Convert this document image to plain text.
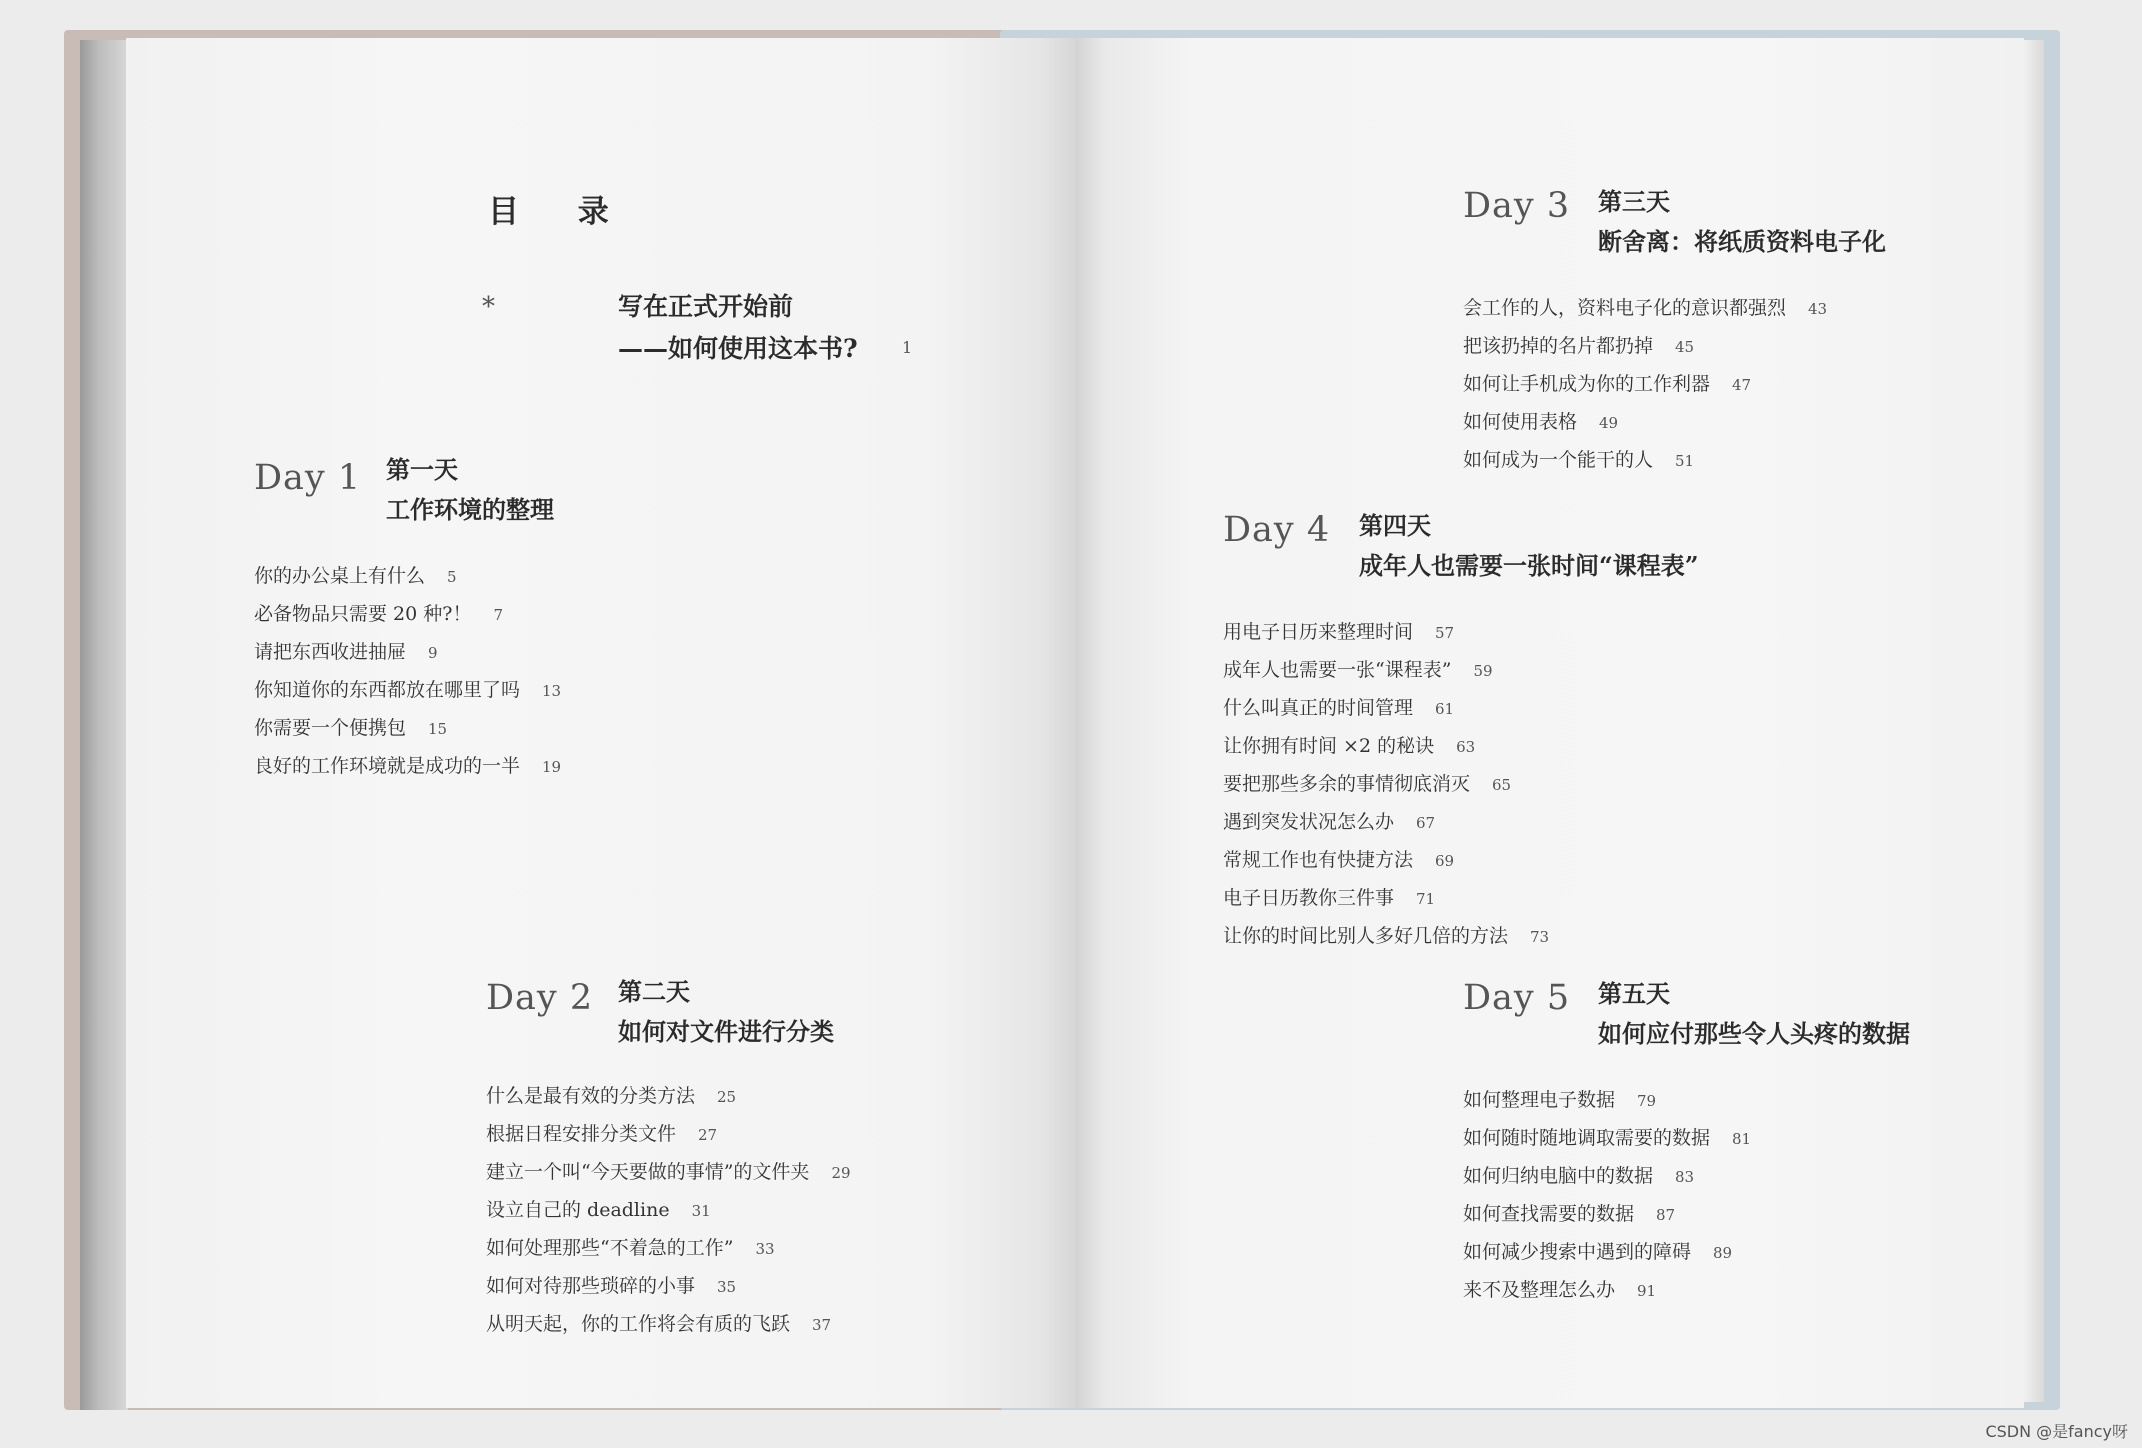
目 录
*	写在正式开始前
——如何使用这本书?	1
Day 1 第一天
工作环境的整理
你的办公桌上有什么 5
必备物品只需要 20 种?！ 7
请把东西收进抽屉 9
你知道你的东西都放在哪里了吗 13
你需要一个便携包 15
良好的工作环境就是成功的一半 19
Day 2 第二天
如何对文件进行分类
什么是最有效的分类方法 25
根据日程安排分类文件 27
建立一个叫“今天要做的事情”的文件夹 29
设立自己的 deadline 31
如何处理那些“不着急的工作” 33
如何对待那些琐碎的小事 35
从明天起，你的工作将会有质的飞跃 37
Day 3 第三天
断舍离：将纸质资料电子化
会工作的人，资料电子化的意识都强烈 43
把该扔掉的名片都扔掉 45
如何让手机成为你的工作利器 47
如何使用表格 49
如何成为一个能干的人 51
Day 4 第四天
成年人也需要一张时间“课程表”
用电子日历来整理时间 57
成年人也需要一张“课程表” 59
什么叫真正的时间管理 61
让你拥有时间 ×2 的秘诀 63
要把那些多余的事情彻底消灭 65
遇到突发状况怎么办 67
常规工作也有快捷方法 69
电子日历教你三件事 71
让你的时间比别人多好几倍的方法 73
Day 5 第五天
如何应付那些令人头疼的数据
如何整理电子数据 79
如何随时随地调取需要的数据 81
如何归纳电脑中的数据 83
如何查找需要的数据 87
如何减少搜索中遇到的障碍 89
来不及整理怎么办 91
CSDN @是fancy呀
